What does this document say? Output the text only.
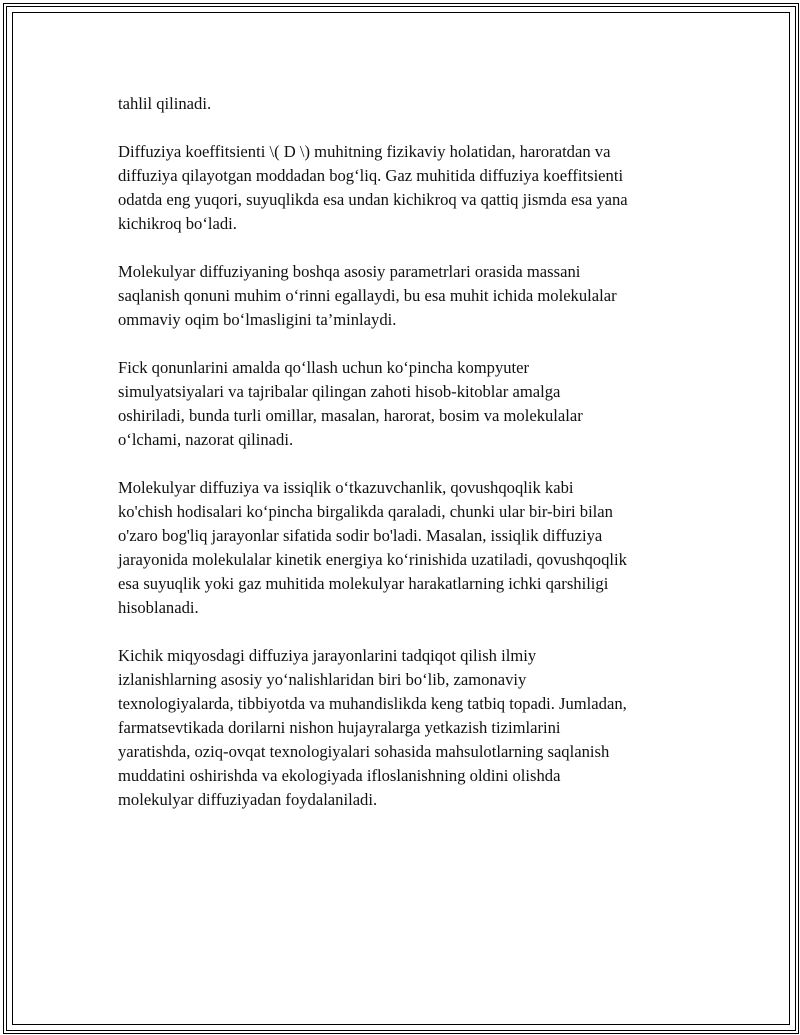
tahlil qilinadi.

Diffuziya koeffitsienti \( D \) muhitning fizikaviy holatidan, haroratdan va
diffuziya qilayotgan moddadan bog‘liq. Gaz muhitida diffuziya koeffitsienti
odatda eng yuqori, suyuqlikda esa undan kichikroq va qattiq jismda esa yana
kichikroq bo‘ladi.

Molekulyar diffuziyaning boshqa asosiy parametrlari orasida massani
saqlanish qonuni muhim o‘rinni egallaydi, bu esa muhit ichida molekulalar
ommaviy oqim bo‘lmasligini ta’minlaydi.

Fick qonunlarini amalda qo‘llash uchun ko‘pincha kompyuter
simulyatsiyalari va tajribalar qilingan zahoti hisob-kitoblar amalga
oshiriladi, bunda turli omillar, masalan, harorat, bosim va molekulalar
o‘lchami, nazorat qilinadi.

Molekulyar diffuziya va issiqlik o‘tkazuvchanlik, qovushqoqlik kabi
ko'chish hodisalari ko‘pincha birgalikda qaraladi, chunki ular bir-biri bilan
o'zaro bog'liq jarayonlar sifatida sodir bo'ladi. Masalan, issiqlik diffuziya
jarayonida molekulalar kinetik energiya ko‘rinishida uzatiladi, qovushqoqlik
esa suyuqlik yoki gaz muhitida molekulyar harakatlarning ichki qarshiligi
hisoblanadi.

Kichik miqyosdagi diffuziya jarayonlarini tadqiqot qilish ilmiy
izlanishlarning asosiy yo‘nalishlaridan biri bo‘lib, zamonaviy
texnologiyalarda, tibbiyotda va muhandislikda keng tatbiq topadi. Jumladan,
farmatsevtikada dorilarni nishon hujayralarga yetkazish tizimlarini
yaratishda, oziq-ovqat texnologiyalari sohasida mahsulotlarning saqlanish
muddatini oshirishda va ekologiyada ifloslanishning oldini olishda
molekulyar diffuziyadan foydalaniladi.
